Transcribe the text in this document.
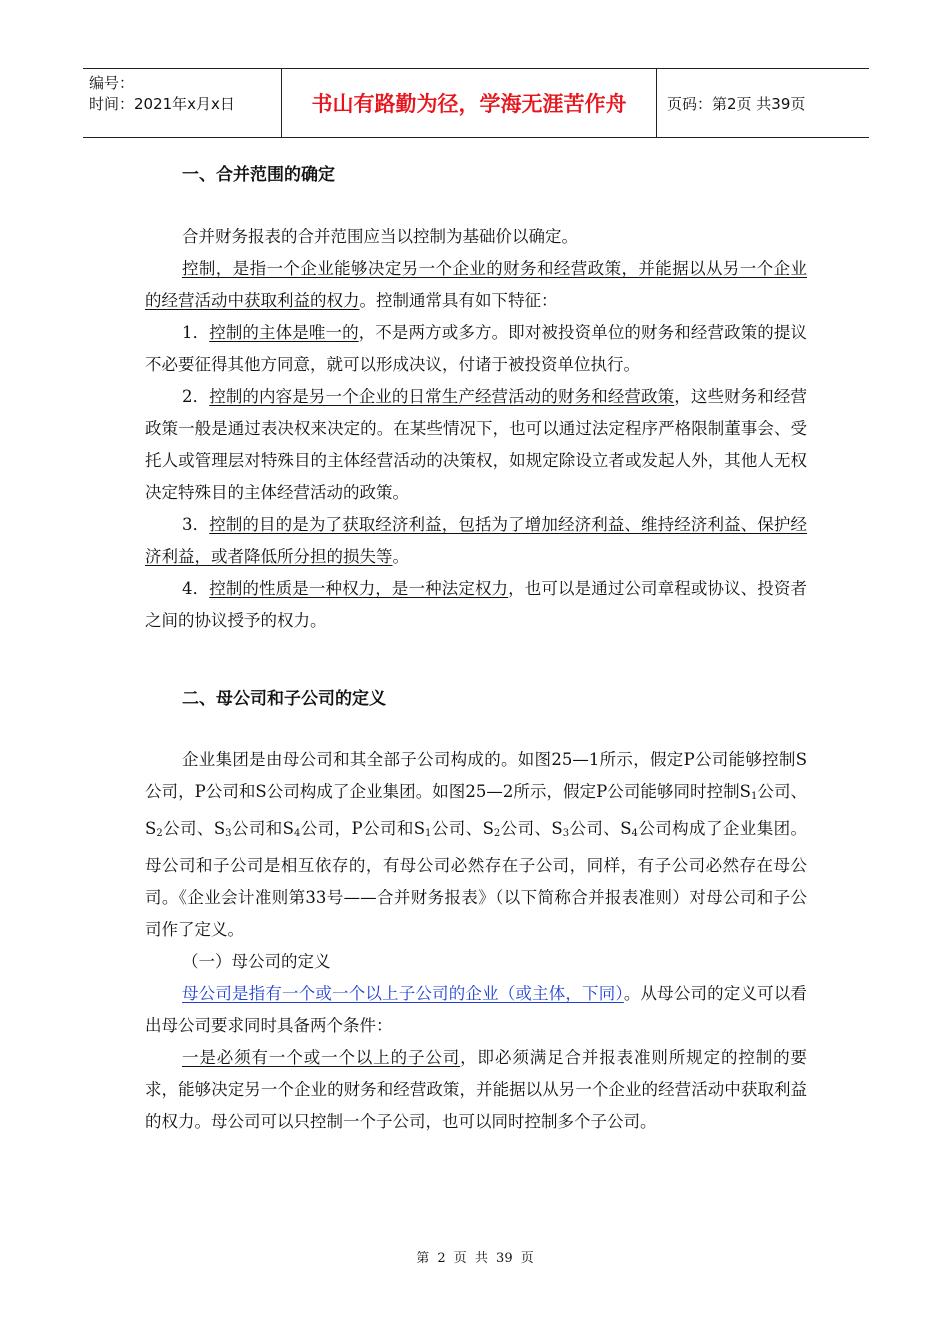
编号：
时间：2021年x月x日	书山有路勤为径，学海无涯苦作舟	页码：第2页 共39页
一、合并范围的确定

合并财务报表的合并范围应当以控制为基础价以确定。

控制，是指一个企业能够决定另一个企业的财务和经营政策，并能据以从另一个企业的经营活动中获取利益的权力。控制通常具有如下特征：

1．控制的主体是唯一的，不是两方或多方。即对被投资单位的财务和经营政策的提议不必要征得其他方同意，就可以形成决议，付诸于被投资单位执行。

2．控制的内容是另一个企业的日常生产经营活动的财务和经营政策，这些财务和经营政策一般是通过表决权来决定的。在某些情况下，也可以通过法定程序严格限制董事会、受托人或管理层对特殊目的主体经营活动的决策权，如规定除设立者或发起人外，其他人无权决定特殊目的主体经营活动的政策。

3．控制的目的是为了获取经济利益，包括为了增加经济利益、维持经济利益、保护经济利益，或者降低所分担的损失等。

4．控制的性质是一种权力，是一种法定权力，也可以是通过公司章程或协议、投资者之间的协议授予的权力。

二、母公司和子公司的定义

企业集团是由母公司和其全部子公司构成的。如图25—1所示，假定P公司能够控制S公司，P公司和S公司构成了企业集团。如图25—2所示，假定P公司能够同时控制$S_1$公司、$S_2$公司、$S_3$公司和$S_4$公司，P公司和$S_1$公司、$S_2$公司、$S_3$公司、$S_4$公司构成了企业集团。母公司和子公司是相互依存的，有母公司必然存在子公司，同样，有子公司必然存在母公司。《企业会计准则第33号——合并财务报表》（以下简称合并报表准则）对母公司和子公司作了定义。

（一）母公司的定义

母公司是指有一个或一个以上子公司的企业（或主体，下同）。从母公司的定义可以看出母公司要求同时具备两个条件：

一是必须有一个或一个以上的子公司，即必须满足合并报表准则所规定的控制的要求，能够决定另一个企业的财务和经营政策，并能据以从另一个企业的经营活动中获取利益的权力。母公司可以只控制一个子公司，也可以同时控制多个子公司。

第 2 页 共 39 页
